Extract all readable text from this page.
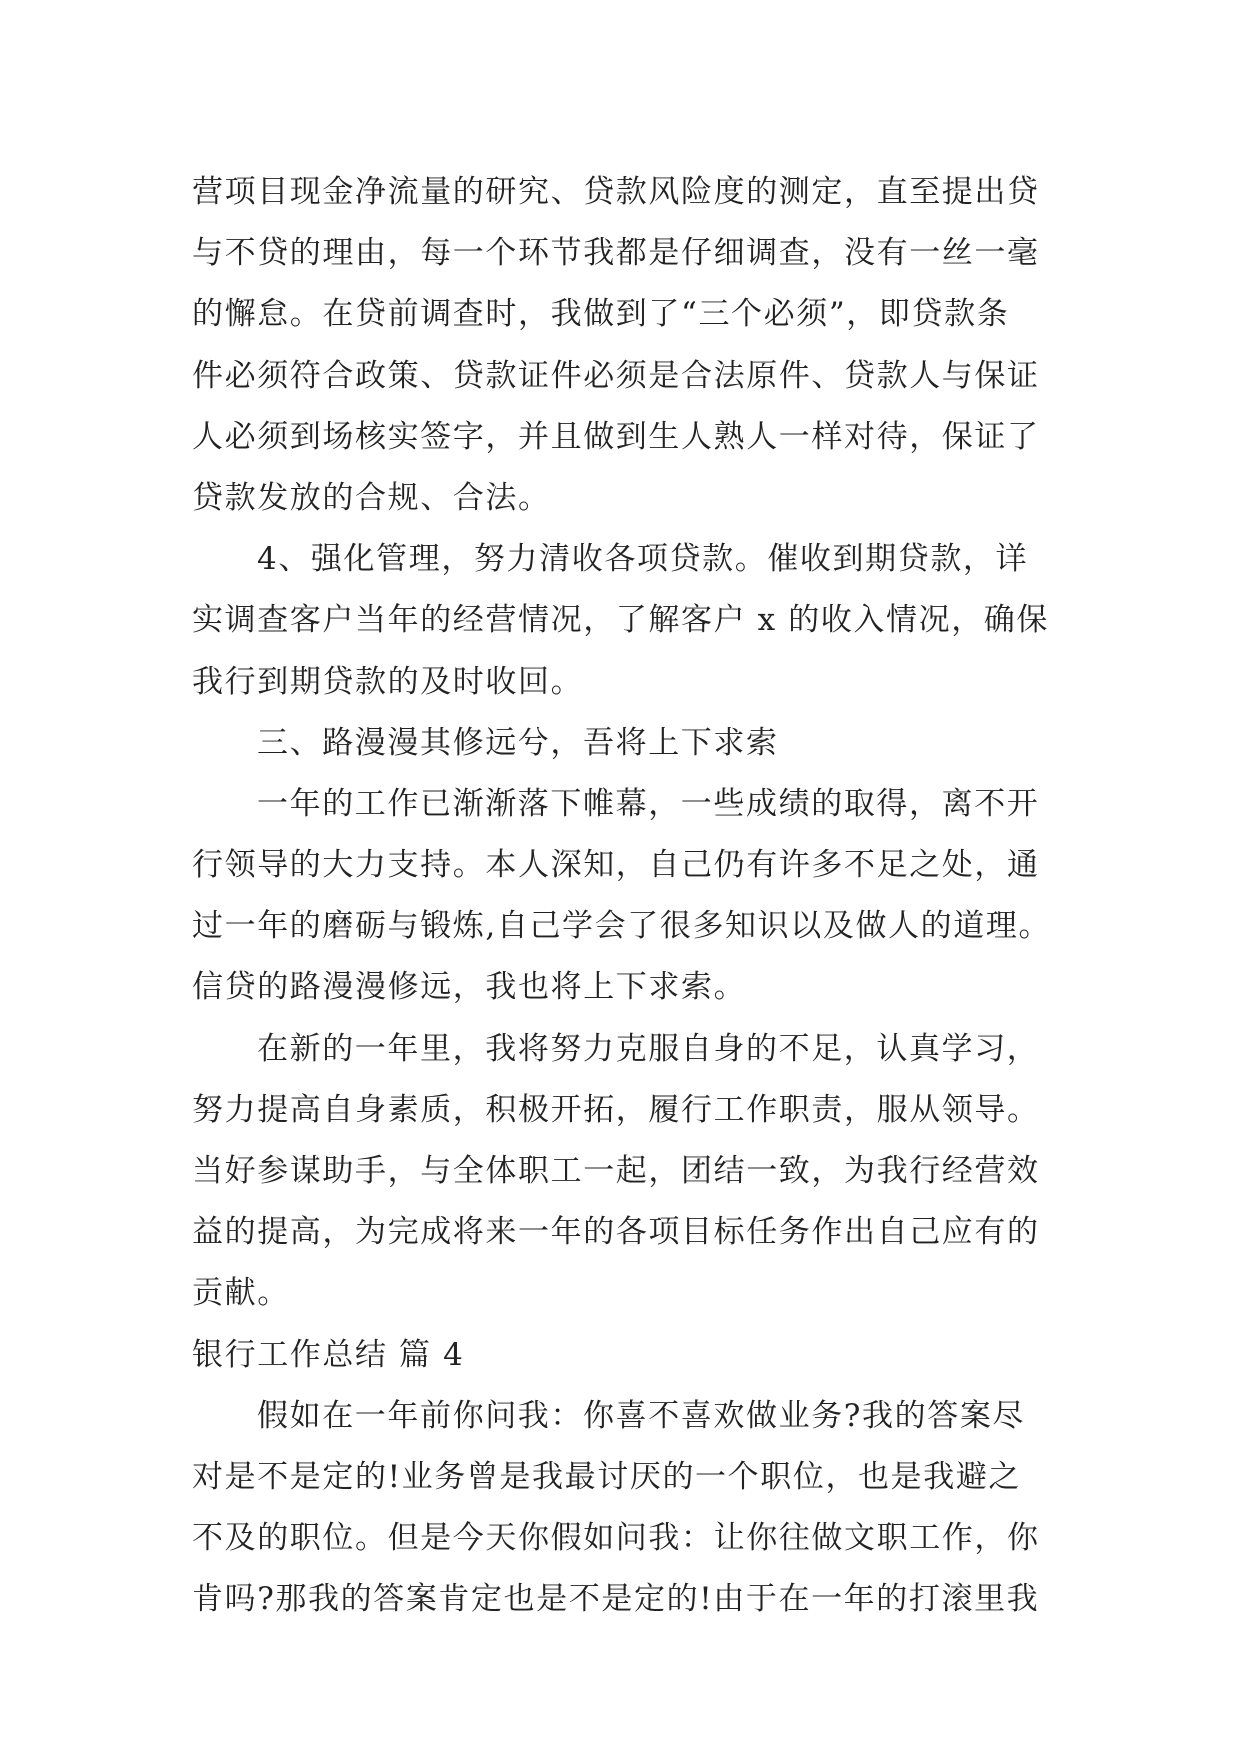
营项目现金净流量的研究、贷款风险度的测定，直至提出贷
与不贷的理由，每一个环节我都是仔细调查，没有一丝一毫
的懈怠。在贷前调查时，我做到了“三个必须”，即贷款条
件必须符合政策、贷款证件必须是合法原件、贷款人与保证
人必须到场核实签字，并且做到生人熟人一样对待，保证了
贷款发放的合规、合法。
4、强化管理，努力清收各项贷款。催收到期贷款，详
实调查客户当年的经营情况，了解客户 x 的收入情况，确保
我行到期贷款的及时收回。
三、路漫漫其修远兮，吾将上下求索
一年的工作已渐渐落下帷幕，一些成绩的取得，离不开
行领导的大力支持。本人深知，自己仍有许多不足之处，通
过一年的磨砺与锻炼,自己学会了很多知识以及做人的道理。
信贷的路漫漫修远，我也将上下求索。
在新的一年里，我将努力克服自身的不足，认真学习，
努力提高自身素质，积极开拓，履行工作职责，服从领导。
当好参谋助手，与全体职工一起，团结一致，为我行经营效
益的提高，为完成将来一年的各项目标任务作出自己应有的
贡献。
银行工作总结 篇 4
假如在一年前你问我：你喜不喜欢做业务?我的答案尽
对是不是定的!业务曾是我最讨厌的一个职位，也是我避之
不及的职位。但是今天你假如问我：让你往做文职工作，你
肯吗?那我的答案肯定也是不是定的!由于在一年的打滚里我
